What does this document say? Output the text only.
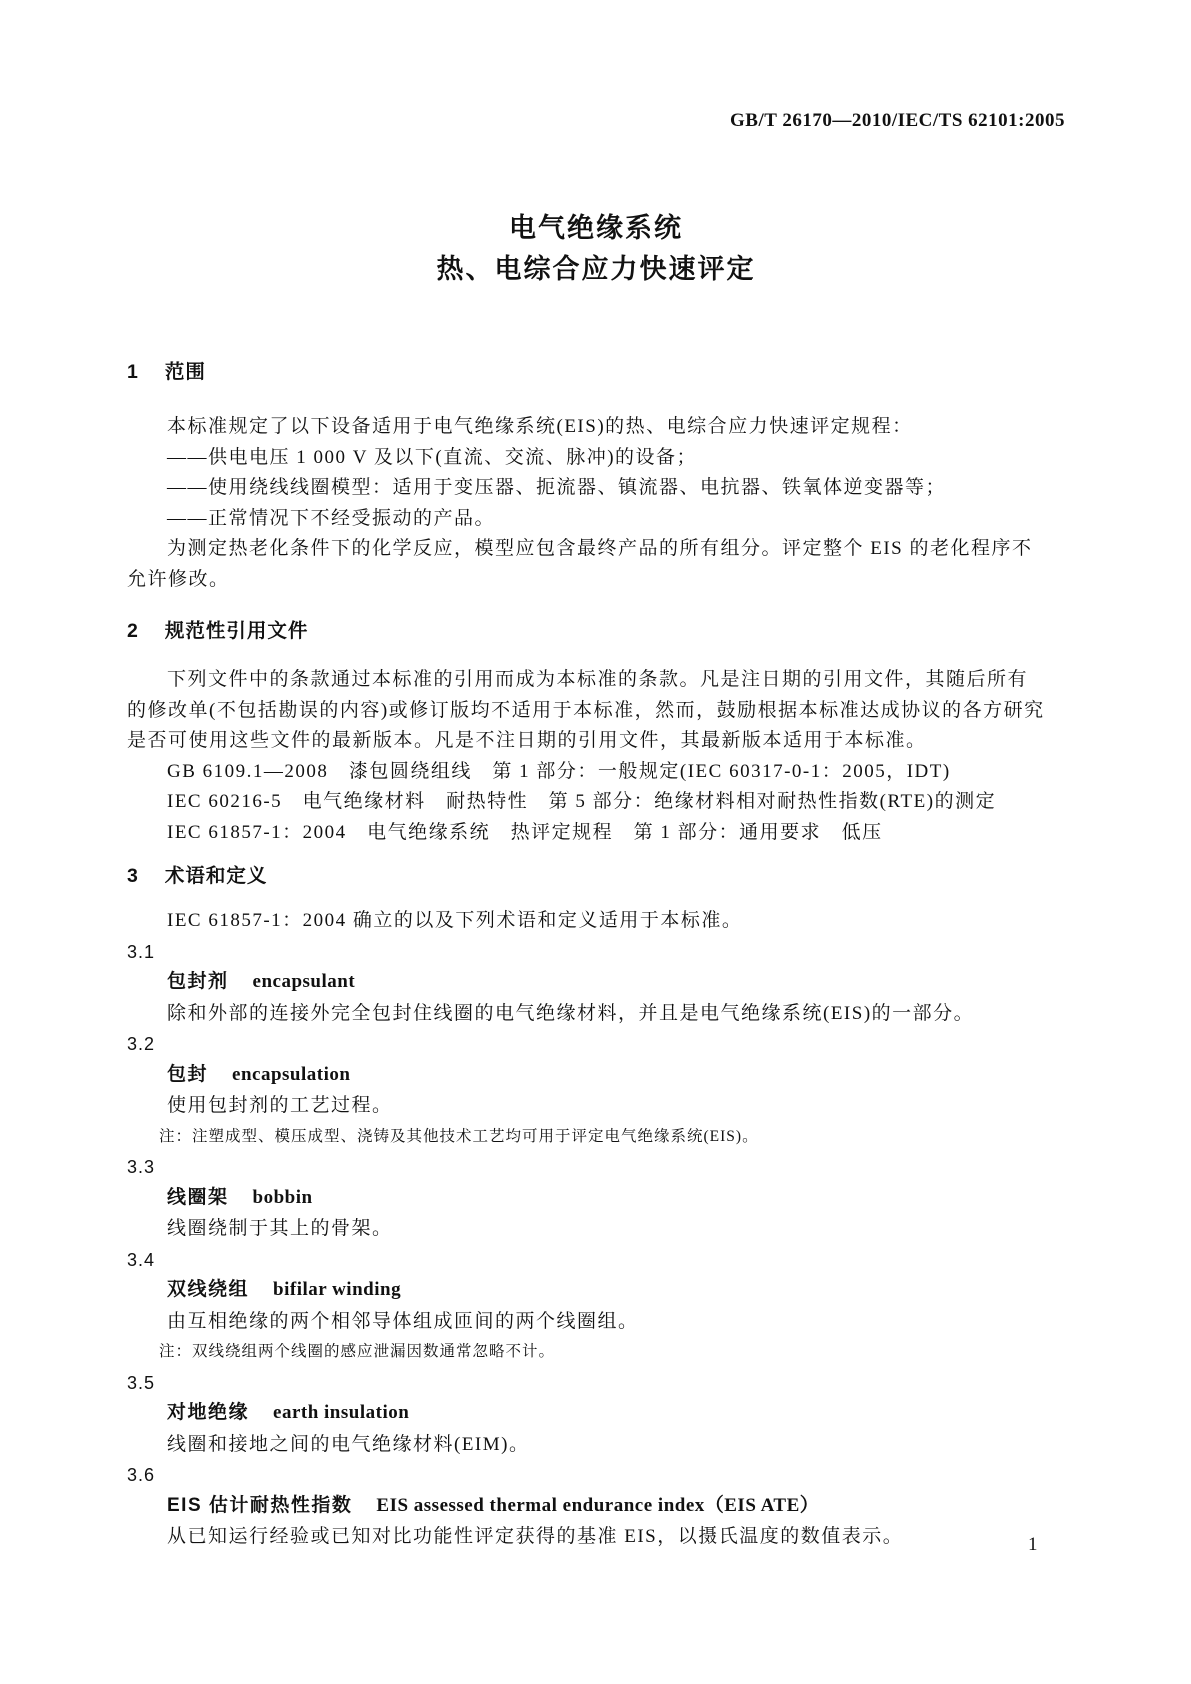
GB/T 26170—2010/IEC/TS 62101:2005
电气绝缘系统
热、电综合应力快速评定
1 范围
本标准规定了以下设备适用于电气绝缘系统(EIS)的热、电综合应力快速评定规程：
——供电电压 1 000 V 及以下(直流、交流、脉冲)的设备；
——使用绕线线圈模型：适用于变压器、扼流器、镇流器、电抗器、铁氧体逆变器等；
——正常情况下不经受振动的产品。
为测定热老化条件下的化学反应，模型应包含最终产品的所有组分。评定整个 EIS 的老化程序不
允许修改。
2 规范性引用文件
下列文件中的条款通过本标准的引用而成为本标准的条款。凡是注日期的引用文件，其随后所有
的修改单(不包括勘误的内容)或修订版均不适用于本标准，然而，鼓励根据本标准达成协议的各方研究
是否可使用这些文件的最新版本。凡是不注日期的引用文件，其最新版本适用于本标准。
GB 6109.1—2008　漆包圆绕组线　第 1 部分：一般规定(IEC 60317-0-1：2005，IDT)
IEC 60216-5　电气绝缘材料　耐热特性　第 5 部分：绝缘材料相对耐热性指数(RTE)的测定
IEC 61857-1：2004　电气绝缘系统　热评定规程　第 1 部分：通用要求　低压
3 术语和定义
IEC 61857-1：2004 确立的以及下列术语和定义适用于本标准。
3.1
包封剂 encapsulant
除和外部的连接外完全包封住线圈的电气绝缘材料，并且是电气绝缘系统(EIS)的一部分。
3.2
包封 encapsulation
使用包封剂的工艺过程。
注：注塑成型、模压成型、浇铸及其他技术工艺均可用于评定电气绝缘系统(EIS)。
3.3
线圈架 bobbin
线圈绕制于其上的骨架。
3.4
双线绕组 bifilar winding
由互相绝缘的两个相邻导体组成匝间的两个线圈组。
注：双线绕组两个线圈的感应泄漏因数通常忽略不计。
3.5
对地绝缘 earth insulation
线圈和接地之间的电气绝缘材料(EIM)。
3.6
EIS 估计耐热性指数 EIS assessed thermal endurance index（EIS ATE）
从已知运行经验或已知对比功能性评定获得的基准 EIS，以摄氏温度的数值表示。	1
